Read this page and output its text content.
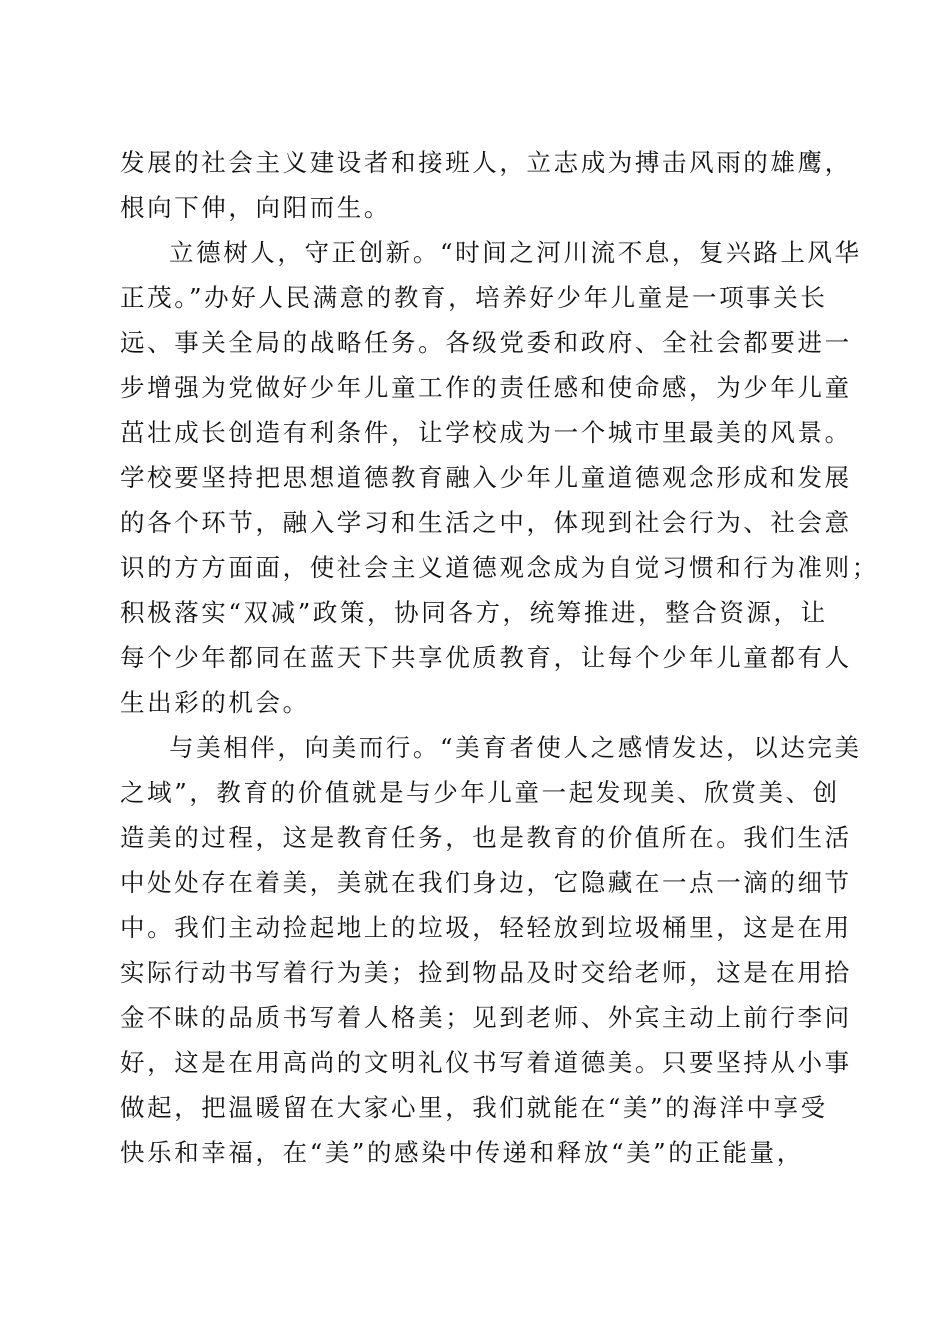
发展的社会主义建设者和接班人，立志成为搏击风雨的雄鹰，
根向下伸，向阳而生。
立德树人，守正创新。“时间之河川流不息，复兴路上风华
正茂。”办好人民满意的教育，培养好少年儿童是一项事关长
远、事关全局的战略任务。各级党委和政府、全社会都要进一
步增强为党做好少年儿童工作的责任感和使命感，为少年儿童
茁壮成长创造有利条件，让学校成为一个城市里最美的风景。
学校要坚持把思想道德教育融入少年儿童道德观念形成和发展
的各个环节，融入学习和生活之中，体现到社会行为、社会意
识的方方面面，使社会主义道德观念成为自觉习惯和行为准则；
积极落实“双减”政策，协同各方，统筹推进，整合资源，让
每个少年都同在蓝天下共享优质教育，让每个少年儿童都有人
生出彩的机会。
与美相伴，向美而行。“美育者使人之感情发达，以达完美
之域”，教育的价值就是与少年儿童一起发现美、欣赏美、创
造美的过程，这是教育任务，也是教育的价值所在。我们生活
中处处存在着美，美就在我们身边，它隐藏在一点一滴的细节
中。我们主动捡起地上的垃圾，轻轻放到垃圾桶里，这是在用
实际行动书写着行为美；捡到物品及时交给老师，这是在用拾
金不昧的品质书写着人格美；见到老师、外宾主动上前行李问
好，这是在用高尚的文明礼仪书写着道德美。只要坚持从小事
做起，把温暖留在大家心里，我们就能在“美”的海洋中享受
快乐和幸福，在“美”的感染中传递和释放“美”的正能量，
